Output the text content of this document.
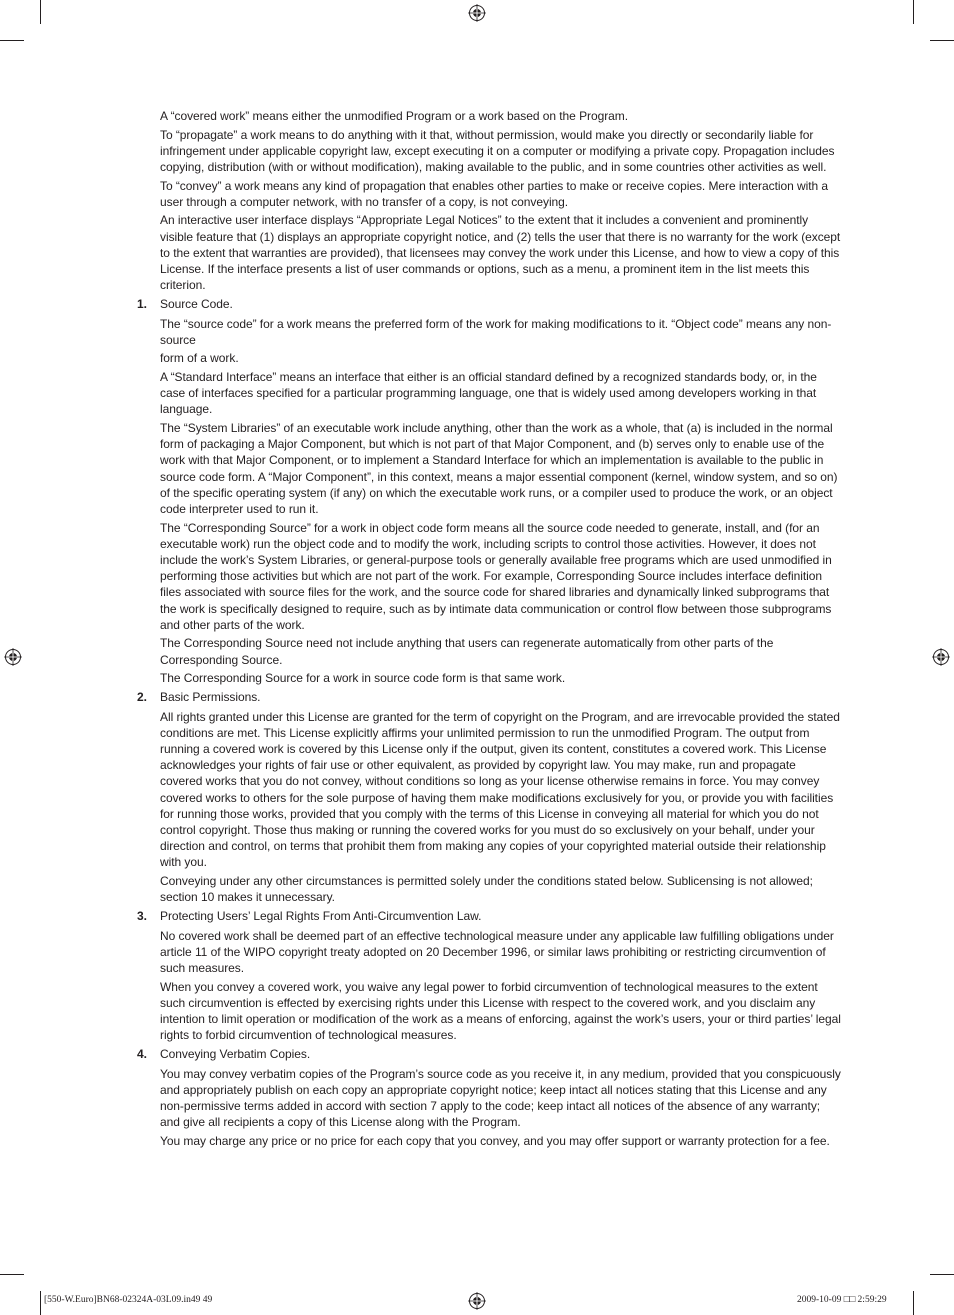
A “covered work” means either the unmodified Program or a work based on the Program.

To “propagate” a work means to do anything with it that, without permission, would make you directly or secondarily liable for infringement under applicable copyright law, except executing it on a computer or modifying a private copy. Propagation includes copying, distribution (with or without modification), making available to the public, and in some countries other activities as well.

To “convey” a work means any kind of propagation that enables other parties to make or receive copies. Mere interaction with a user through a computer network, with no transfer of a copy, is not conveying.

An interactive user interface displays “Appropriate Legal Notices” to the extent that it includes a convenient and prominently visible feature that (1) displays an appropriate copyright notice, and (2) tells the user that there is no warranty for the work (except to the extent that warranties are provided), that licensees may convey the work under this License, and how to view a copy of this License. If the interface presents a list of user commands or options, such as a menu, a prominent item in the list meets this criterion.

1. Source Code.

The “source code” for a work means the preferred form of the work for making modifications to it. “Object code” means any non-source

form of a work.

A “Standard Interface” means an interface that either is an official standard defined by a recognized standards body, or, in the case of interfaces specified for a particular programming language, one that is widely used among developers working in that language.

The “System Libraries” of an executable work include anything, other than the work as a whole, that (a) is included in the normal form of packaging a Major Component, but which is not part of that Major Component, and (b) serves only to enable use of the work with that Major Component, or to implement a Standard Interface for which an implementation is available to the public in source code form. A “Major Component”, in this context, means a major essential component (kernel, window system, and so on) of the specific operating system (if any) on which the executable work runs, or a compiler used to produce the work, or an object code interpreter used to run it.

The “Corresponding Source” for a work in object code form means all the source code needed to generate, install, and (for an executable work) run the object code and to modify the work, including scripts to control those activities. However, it does not include the work’s System Libraries, or general-purpose tools or generally available free programs which are used unmodified in performing those activities but which are not part of the work. For example, Corresponding Source includes interface definition files associated with source files for the work, and the source code for shared libraries and dynamically linked subprograms that the work is specifically designed to require, such as by intimate data communication or control flow between those subprograms and other parts of the work.

The Corresponding Source need not include anything that users can regenerate automatically from other parts of the Corresponding Source.

The Corresponding Source for a work in source code form is that same work.

2. Basic Permissions.

All rights granted under this License are granted for the term of copyright on the Program, and are irrevocable provided the stated conditions are met. This License explicitly affirms your unlimited permission to run the unmodified Program. The output from running a covered work is covered by this License only if the output, given its content, constitutes a covered work. This License acknowledges your rights of fair use or other equivalent, as provided by copyright law. You may make, run and propagate covered works that you do not convey, without conditions so long as your license otherwise remains in force. You may convey covered works to others for the sole purpose of having them make modifications exclusively for you, or provide you with facilities for running those works, provided that you comply with the terms of this License in conveying all material for which you do not control copyright. Those thus making or running the covered works for you must do so exclusively on your behalf, under your direction and control, on terms that prohibit them from making any copies of your copyrighted material outside their relationship with you.

Conveying under any other circumstances is permitted solely under the conditions stated below. Sublicensing is not allowed; section 10 makes it unnecessary.

3. Protecting Users’ Legal Rights From Anti-Circumvention Law.

No covered work shall be deemed part of an effective technological measure under any applicable law fulfilling obligations under article 11 of the WIPO copyright treaty adopted on 20 December 1996, or similar laws prohibiting or restricting circumvention of such measures.

When you convey a covered work, you waive any legal power to forbid circumvention of technological measures to the extent such circumvention is effected by exercising rights under this License with respect to the covered work, and you disclaim any intention to limit operation or modification of the work as a means of enforcing, against the work’s users, your or third parties’ legal rights to forbid circumvention of technological measures.

4. Conveying Verbatim Copies.

You may convey verbatim copies of the Program’s source code as you receive it, in any medium, provided that you conspicuously and appropriately publish on each copy an appropriate copyright notice; keep intact all notices stating that this License and any non-permissive terms added in accord with section 7 apply to the code; keep intact all notices of the absence of any warranty; and give all recipients a copy of this License along with the Program.

You may charge any price or no price for each copy that you convey, and you may offer support or warranty protection for a fee.

[550-W.Euro]BN68-02324A-03L09.in49 49	2009-10-09 □□ 2:59:29
